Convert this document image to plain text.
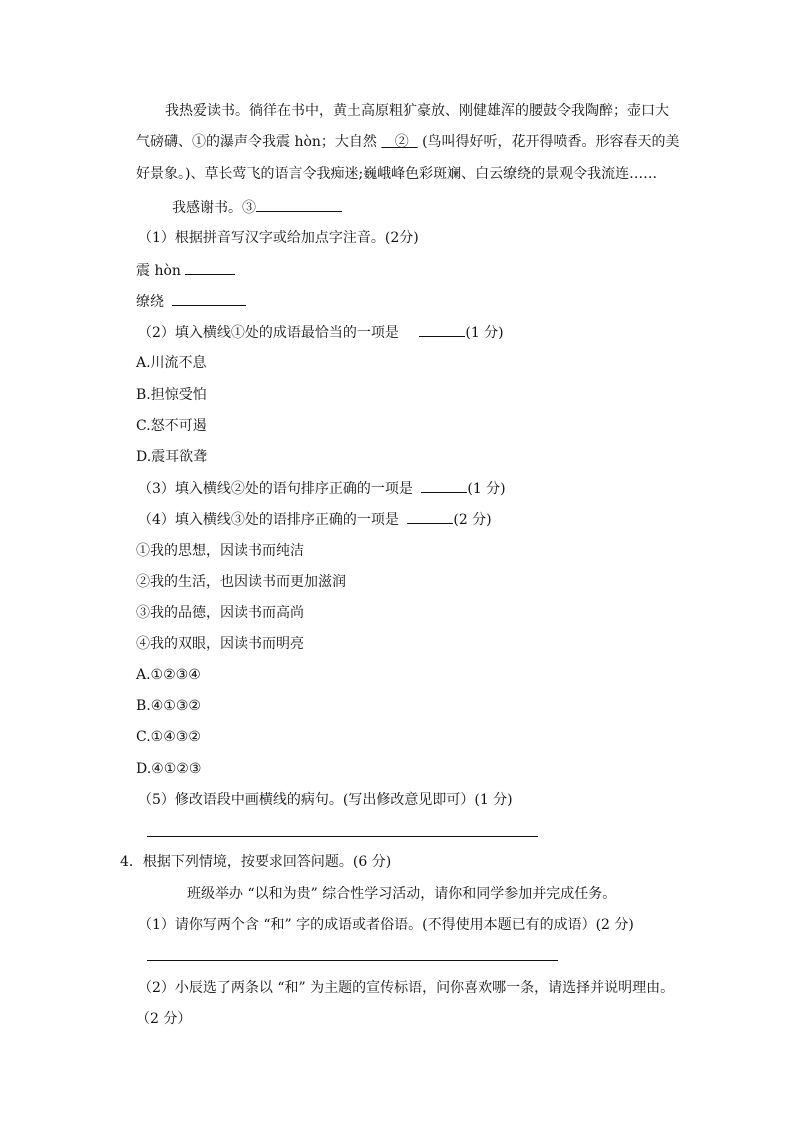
我热爱读书。徜徉在书中，黄土高原粗犷豪放、刚健雄浑的腰鼓令我陶醉；壶口大
气磅礴、①的瀑声令我震 hòn；大自然 ② (鸟叫得好听，花开得喷香。形容春天的美
好景象。)、草长莺飞的语言令我痴迷;巍峨峰色彩斑斓、白云缭绕的景观令我流连……
我感谢书。③
（1）根据拼音写汉字或给加点字注音。(2分)
震 hòn
缭绕
（2）填入横线①处的成语最恰当的一项是	(1 分)
A.川流不息
B.担惊受怕
C.怒不可遏
D.震耳欲聋
（3）填入横线②处的语句排序正确的一项是	(1 分)
（4）填入横线③处的语排序正确的一项是	(2 分)
①我的思想，因读书而纯洁
②我的生活，也因读书而更加滋润
③我的品德，因读书而高尚
④我的双眼，因读书而明亮
A.①②③④
B.④①③②
C.①④③②
D.④①②③
（5）修改语段中画横线的病句。(写出修改意见即可）(1 分)
4．根据下列情境，按要求回答问题。(6 分)
班级举办 “以和为贵” 综合性学习活动，请你和同学参加并完成任务。
（1）请你写两个含 “和” 字的成语或者俗语。(不得使用本题已有的成语）(2 分)
（2）小辰选了两条以 “和” 为主题的宣传标语，问你喜欢哪一条，请选择并说明理由。
（2 分）
